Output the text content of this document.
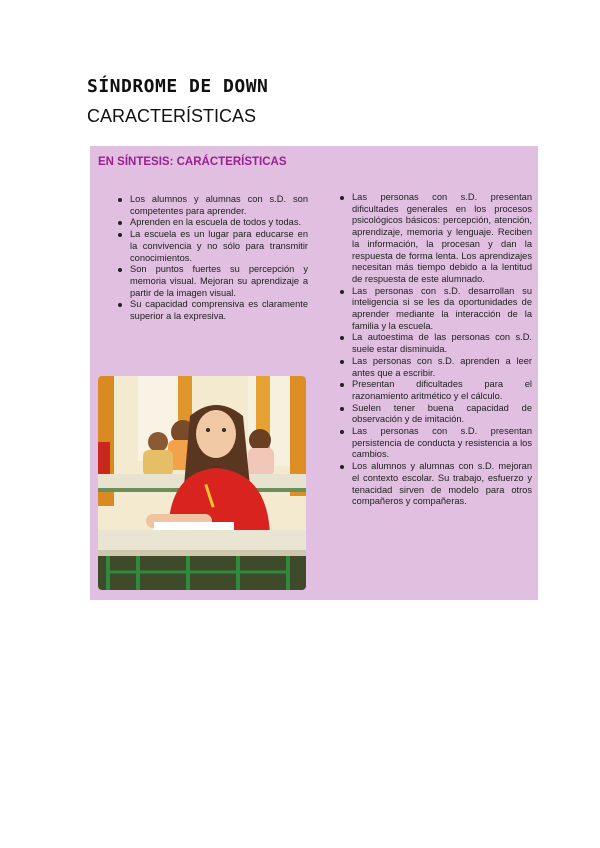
SÍNDROME DE DOWN
CARACTERÍSTICAS
EN SÍNTESIS: CARÁCTERÍSTICAS
Los alumnos y alumnas con s.D. son competentes para aprender.
Aprenden en la escuela de todos y todas.
La escuela es un lugar para educarse en la convivencia y no sólo para transmitir conocimientos.
Son puntos fuertes su percepción y memoria visual. Mejoran su aprendizaje a partir de la imagen visual.
Su capacidad comprensiva es claramente superior a la expresiva.
Las personas con s.D. presentan dificultades generales en los procesos psicológicos básicos: percepción, atención, aprendizaje, memoria y lenguaje. Reciben la información, la procesan y dan la respuesta de forma lenta. Los aprendizajes necesitan más tiempo debido a la lentitud de respuesta de este alumnado.
Las personas con s.D. desarrollan su inteligencia si se les da oportunidades de aprender mediante la interacción de la familia y la escuela.
La autoestima de las personas con s.D. suele estar disminuida.
Las personas con s.D. aprenden a leer antes que a escribir.
Presentan dificultades para el razonamiento aritmético y el cálculo.
Suelen tener buena capacidad de observación y de imitación.
Las personas con s.D. presentan persistencia de conducta y resistencia a los cambios.
Los alumnos y alumnas con s.D. mejoran el contexto escolar. Su trabajo, esfuerzo y tenacidad sirven de modelo para otros compañeros y compañeras.
